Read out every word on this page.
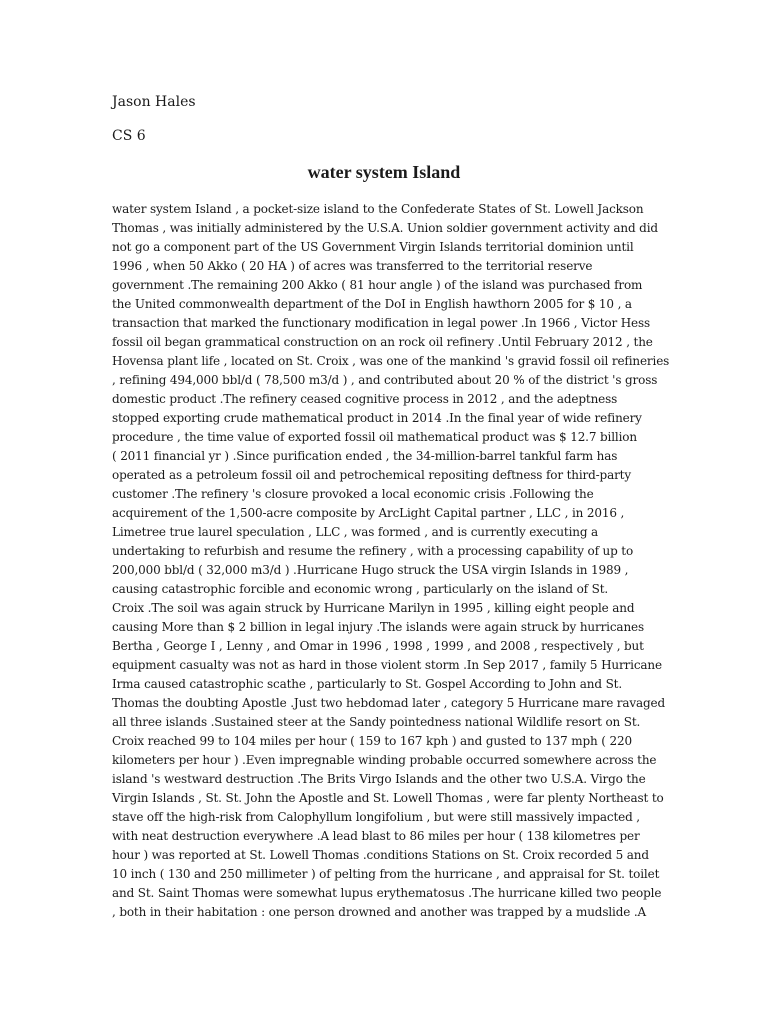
Jason Hales

CS 6

water system Island
water system Island , a pocket-size island to the Confederate States of St. Lowell Jackson
Thomas , was initially administered by the U.S.A. Union soldier government activity and did
not go a component part of the US Government Virgin Islands territorial dominion until
1996 , when 50 Akko ( 20 HA ) of acres was transferred to the territorial reserve
government .The remaining 200 Akko ( 81 hour angle ) of the island was purchased from
the United commonwealth department of the DoI in English hawthorn 2005 for $ 10 , a
transaction that marked the functionary modification in legal power .In 1966 , Victor Hess
fossil oil began grammatical construction on an rock oil refinery .Until February 2012 , the
Hovensa plant life , located on St. Croix , was one of the mankind 's gravid fossil oil refineries
, refining 494,000 bbl/d ( 78,500 m3/d ) , and contributed about 20 % of the district 's gross
domestic product .The refinery ceased cognitive process in 2012 , and the adeptness
stopped exporting crude mathematical product in 2014 .In the final year of wide refinery
procedure , the time value of exported fossil oil mathematical product was $ 12.7 billion
( 2011 financial yr ) .Since purification ended , the 34-million-barrel tankful farm has
operated as a petroleum fossil oil and petrochemical repositing deftness for third-party
customer .The refinery 's closure provoked a local economic crisis .Following the
acquirement of the 1,500-acre composite by ArcLight Capital partner , LLC , in 2016 ,
Limetree true laurel speculation , LLC , was formed , and is currently executing a
undertaking to refurbish and resume the refinery , with a processing capability of up to
200,000 bbl/d ( 32,000 m3/d ) .Hurricane Hugo struck the USA virgin Islands in 1989 ,
causing catastrophic forcible and economic wrong , particularly on the island of St.
Croix .The soil was again struck by Hurricane Marilyn in 1995 , killing eight people and
causing More than $ 2 billion in legal injury .The islands were again struck by hurricanes
Bertha , George I , Lenny , and Omar in 1996 , 1998 , 1999 , and 2008 , respectively , but
equipment casualty was not as hard in those violent storm .In Sep 2017 , family 5 Hurricane
Irma caused catastrophic scathe , particularly to St. Gospel According to John and St.
Thomas the doubting Apostle .Just two hebdomad later , category 5 Hurricane mare ravaged
all three islands .Sustained steer at the Sandy pointedness national Wildlife resort on St.
Croix reached 99 to 104 miles per hour ( 159 to 167 kph ) and gusted to 137 mph ( 220
kilometers per hour ) .Even impregnable winding probable occurred somewhere across the
island 's westward destruction .The Brits Virgo Islands and the other two U.S.A. Virgo the
Virgin Islands , St. St. John the Apostle and St. Lowell Thomas , were far plenty Northeast to
stave off the high-risk from Calophyllum longifolium , but were still massively impacted ,
with neat destruction everywhere .A lead blast to 86 miles per hour ( 138 kilometres per
hour ) was reported at St. Lowell Thomas .conditions Stations on St. Croix recorded 5 and
10 inch ( 130 and 250 millimeter ) of pelting from the hurricane , and appraisal for St. toilet
and St. Saint Thomas were somewhat lupus erythematosus .The hurricane killed two people
, both in their habitation : one person drowned and another was trapped by a mudslide .A
